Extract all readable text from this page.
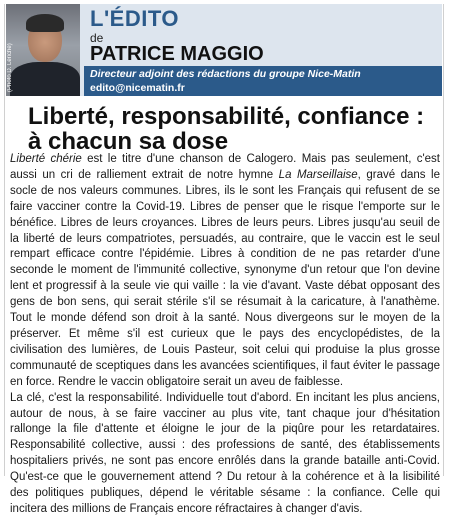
(Photo D. Leriche)
L'ÉDITO
de
PATRICE MAGGIO
Directeur adjoint des rédactions du groupe Nice-Matin
edito@nicematin.fr
Liberté, responsabilité, confiance : à chacun sa dose

Liberté chérie est le titre d'une chanson de Calogero. Mais pas seulement, c'est aussi un cri de ralliement extrait de notre hymne La Marseillaise, gravé dans le socle de nos valeurs communes. Libres, ils le sont les Français qui refusent de se faire vacciner contre la Covid-19. Libres de penser que le risque l'emporte sur le bénéfice. Libres de leurs croyances. Libres de leurs peurs. Libres jusqu'au seuil de la liberté de leurs compatriotes, persuadés, au contraire, que le vaccin est le seul rempart efficace contre l'épidémie. Libres à condition de ne pas retarder d'une seconde le moment de l'immunité collective, synonyme d'un retour que l'on devine lent et progressif à la seule vie qui vaille : la vie d'avant. Vaste débat opposant des gens de bon sens, qui serait stérile s'il se résumait à la caricature, à l'anathème. Tout le monde défend son droit à la santé. Nous divergeons sur le moyen de la préserver. Et même s'il est curieux que le pays des encyclopédistes, de la civilisation des lumières, de Louis Pasteur, soit celui qui produise la plus grosse communauté de sceptiques dans les avancées scientifiques, il faut éviter le passage en force. Rendre le vaccin obligatoire serait un aveu de faiblesse.

La clé, c'est la responsabilité. Individuelle tout d'abord. En incitant les plus anciens, autour de nous, à se faire vacciner au plus vite, tant chaque jour d'hésitation rallonge la file d'attente et éloigne le jour de la piqûre pour les retardataires. Responsabilité collective, aussi : des professions de santé, des établissements hospitaliers privés, ne sont pas encore enrôlés dans la grande bataille anti-Covid. Qu'est-ce que le gouvernement attend ? Du retour à la cohérence et à la lisibilité des politiques publiques, dépend le véritable sésame : la confiance. Celle qui incitera des millions de Français encore réfractaires à changer d'avis.
